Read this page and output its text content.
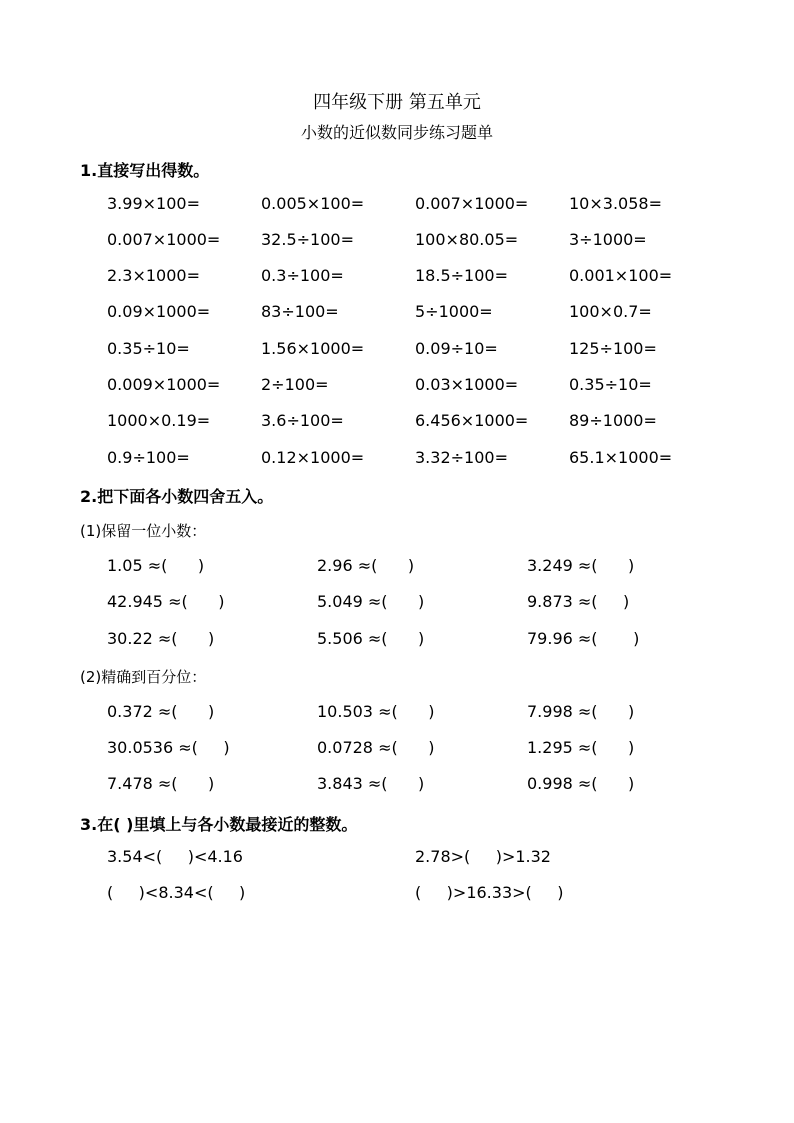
四年级下册 第五单元
小数的近似数同步练习题单
1.直接写出得数。
3.99×100=	0.005×100=	0.007×1000=	10×3.058=
0.007×1000=	32.5÷100=	100×80.05=	3÷1000=
2.3×1000=	0.3÷100=	18.5÷100=	0.001×100=
0.09×1000=	83÷100=	5÷1000=	100×0.7=
0.35÷10=	1.56×1000=	0.09÷10=	125÷100=
0.009×1000=	2÷100=	0.03×1000=	0.35÷10=
1000×0.19=	3.6÷100=	6.456×1000=	89÷1000=
0.9÷100=	0.12×1000=	3.32÷100=	65.1×1000=
2.把下面各小数四舍五入。
(1)保留一位小数：
1.05 ≈(      )	2.96 ≈(      )	3.249 ≈(      )
42.945 ≈(      )	5.049 ≈(      )	9.873 ≈(     )
30.22 ≈(      )	5.506 ≈(      )	79.96 ≈(       )
(2)精确到百分位：
0.372 ≈(      )	10.503 ≈(      )	7.998 ≈(      )
30.0536 ≈(     )	0.0728 ≈(      )	1.295 ≈(      )
7.478 ≈(      )	3.843 ≈(      )	0.998 ≈(      )
3.在( )里填上与各小数最接近的整数。
3.54<(     )<4.16	2.78>(     )>1.32
(     )<8.34<(     )	(     )>16.33>(     )
